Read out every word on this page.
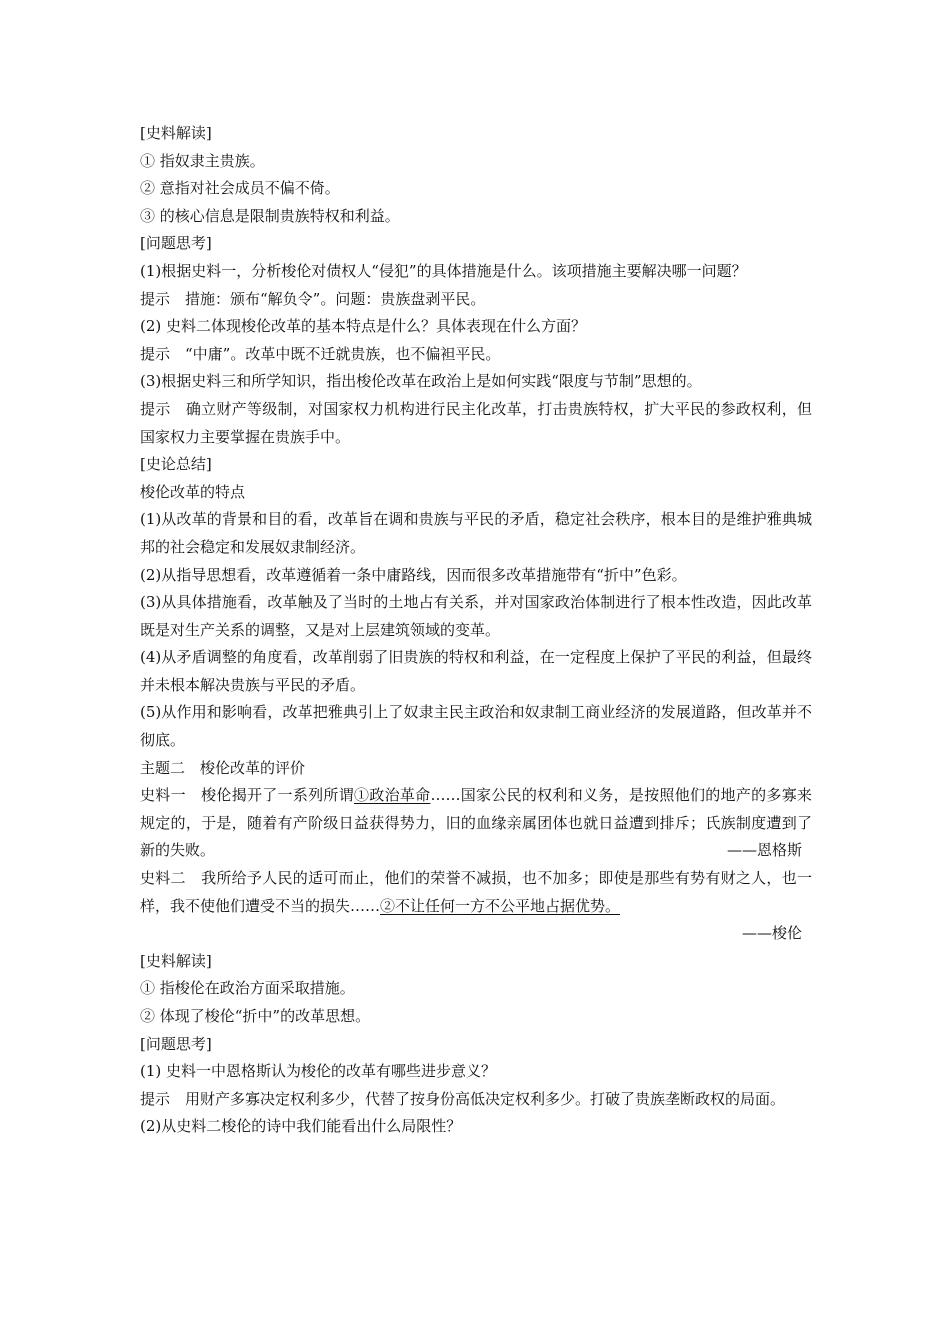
[史料解读]
① 指奴隶主贵族。
② 意指对社会成员不偏不倚。
③ 的核心信息是限制贵族特权和利益。
[问题思考]
(1)根据史料一，分析梭伦对债权人“侵犯”的具体措施是什么。该项措施主要解决哪一问题？
提示　措施：颁布“解负令”。问题：贵族盘剥平民。
(2) 史料二体现梭伦改革的基本特点是什么？具体表现在什么方面？
提示　“中庸”。改革中既不迁就贵族，也不偏袒平民。
(3)根据史料三和所学知识，指出梭伦改革在政治上是如何实践“限度与节制”思想的。
提示　确立财产等级制，对国家权力机构进行民主化改革，打击贵族特权，扩大平民的参政权利，但国家权力主要掌握在贵族手中。
[史论总结]
梭伦改革的特点
(1)从改革的背景和目的看，改革旨在调和贵族与平民的矛盾，稳定社会秩序，根本目的是维护雅典城邦的社会稳定和发展奴隶制经济。
(2)从指导思想看，改革遵循着一条中庸路线，因而很多改革措施带有“折中”色彩。
(3)从具体措施看，改革触及了当时的土地占有关系，并对国家政治体制进行了根本性改造，因此改革既是对生产关系的调整，又是对上层建筑领域的变革。
(4)从矛盾调整的角度看，改革削弱了旧贵族的特权和利益，在一定程度上保护了平民的利益，但最终并未根本解决贵族与平民的矛盾。
(5)从作用和影响看，改革把雅典引上了奴隶主民主政治和奴隶制工商业经济的发展道路，但改革并不彻底。
主题二　梭伦改革的评价
史料一　梭伦揭开了一系列所谓①政治革命……国家公民的权利和义务，是按照他们的地产的多寡来规定的，于是，随着有产阶级日益获得势力，旧的血缘亲属团体也就日益遭到排斥；氏族制度遭到了新的失败。	——恩格斯
史料二　我所给予人民的适可而止，他们的荣誉不减损，也不加多；即使是那些有势有财之人，也一样，我不使他们遭受不当的损失……②不让任何一方不公平地占据优势。
——梭伦
[史料解读]
① 指梭伦在政治方面采取措施。
② 体现了梭伦“折中”的改革思想。
[问题思考]
(1) 史料一中恩格斯认为梭伦的改革有哪些进步意义？
提示　用财产多寡决定权利多少，代替了按身份高低决定权利多少。打破了贵族垄断政权的局面。
(2)从史料二梭伦的诗中我们能看出什么局限性？
